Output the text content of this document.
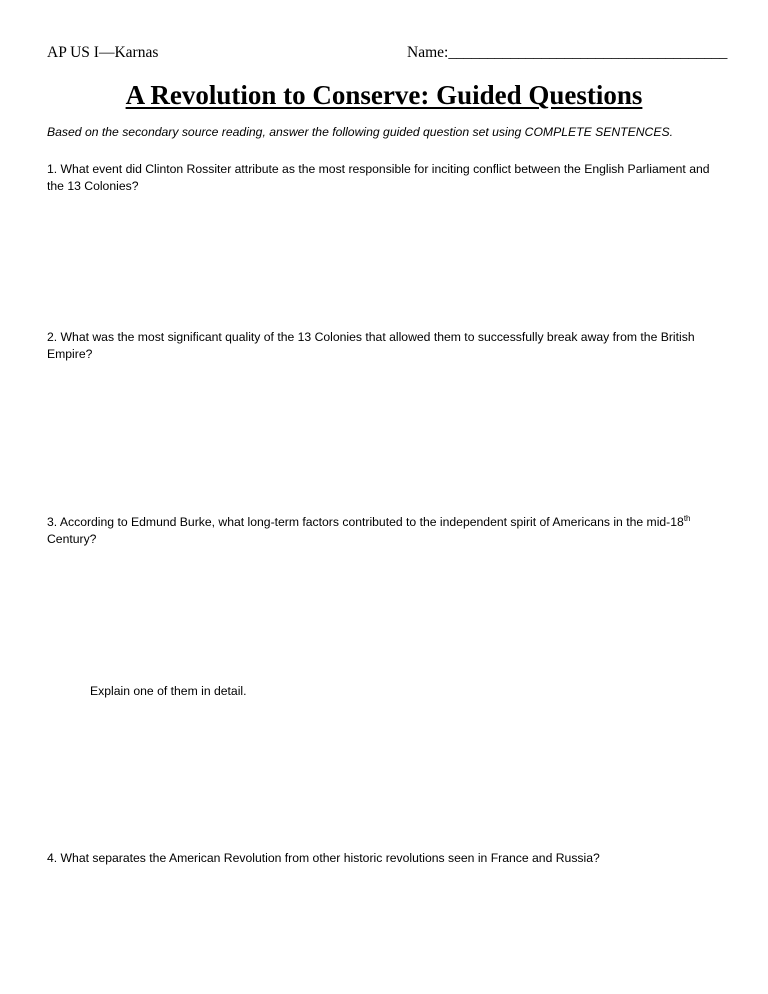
AP US I—Karnas	Name:____________________________________
A Revolution to Conserve: Guided Questions
Based on the secondary source reading, answer the following guided question set using COMPLETE SENTENCES.
1. What event did Clinton Rossiter attribute as the most responsible for inciting conflict between the English Parliament and the 13 Colonies?
2. What was the most significant quality of the 13 Colonies that allowed them to successfully break away from the British Empire?
3. According to Edmund Burke, what long-term factors contributed to the independent spirit of Americans in the mid-18th Century?
Explain one of them in detail.
4. What separates the American Revolution from other historic revolutions seen in France and Russia?
